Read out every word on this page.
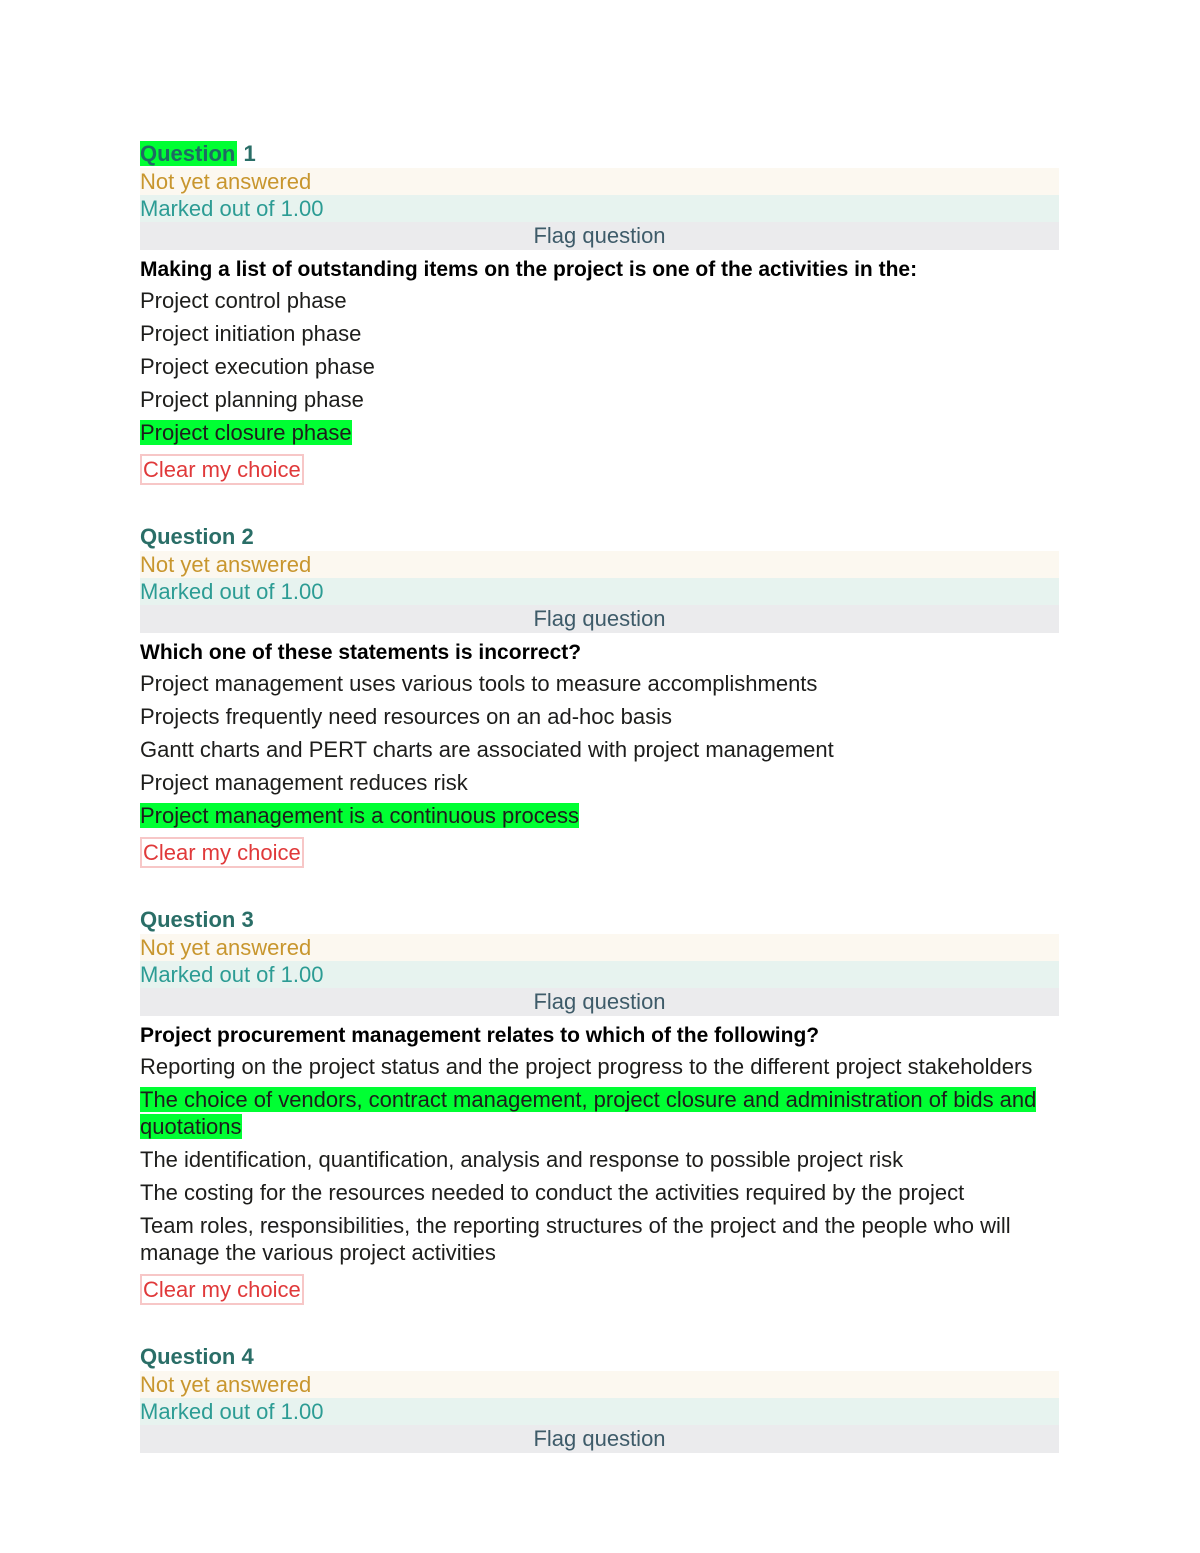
Question 1
Not yet answered
Marked out of 1.00
Flag question
Making a list of outstanding items on the project is one of the activities in the:
Project control phase
Project initiation phase
Project execution phase
Project planning phase
Project closure phase
Clear my choice
Question 2
Not yet answered
Marked out of 1.00
Flag question
Which one of these statements is incorrect?
Project management uses various tools to measure accomplishments
Projects frequently need resources on an ad-hoc basis
Gantt charts and PERT charts are associated with project management
Project management reduces risk
Project management is a continuous process
Clear my choice
Question 3
Not yet answered
Marked out of 1.00
Flag question
Project procurement management relates to which of the following?
Reporting on the project status and the project progress to the different project stakeholders
The choice of vendors, contract management, project closure and administration of bids and quotations
The identification, quantification, analysis and response to possible project risk
The costing for the resources needed to conduct the activities required by the project
Team roles, responsibilities, the reporting structures of the project and the people who will manage the various project activities
Clear my choice
Question 4
Not yet answered
Marked out of 1.00
Flag question
